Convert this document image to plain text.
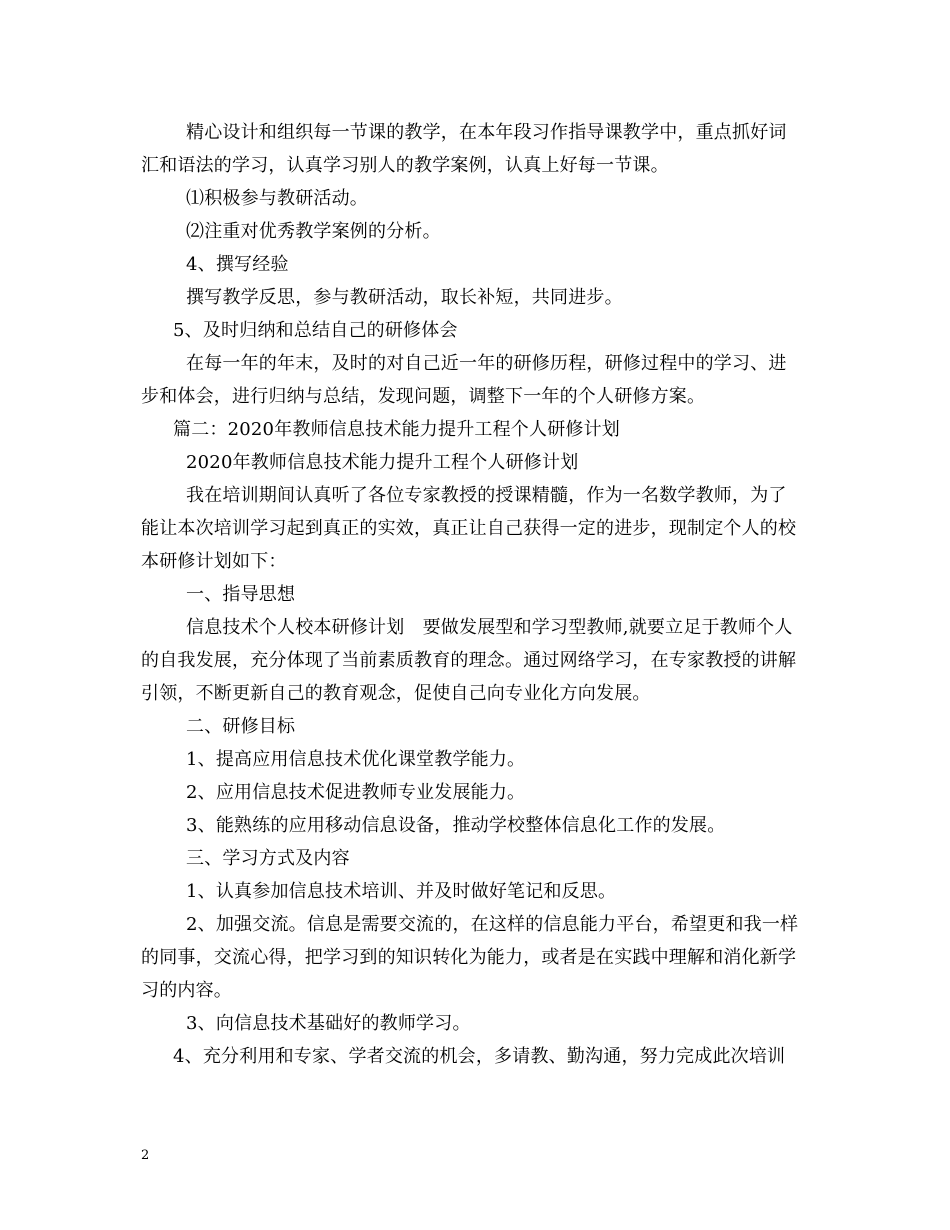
精心设计和组织每一节课的教学，在本年段习作指导课教学中，重点抓好词
汇和语法的学习，认真学习别人的教学案例，认真上好每一节课。
⑴积极参与教研活动。
⑵注重对优秀教学案例的分析。
4、撰写经验
撰写教学反思，参与教研活动，取长补短，共同进步。
5、及时归纳和总结自己的研修体会
在每一年的年末，及时的对自己近一年的研修历程，研修过程中的学习、进
步和体会，进行归纳与总结，发现问题，调整下一年的个人研修方案。
篇二：2020年教师信息技术能力提升工程个人研修计划
2020年教师信息技术能力提升工程个人研修计划
我在培训期间认真听了各位专家教授的授课精髓，作为一名数学教师，为了
能让本次培训学习起到真正的实效，真正让自己获得一定的进步，现制定个人的校
本研修计划如下：
一、指导思想
信息技术个人校本研修计划　要做发展型和学习型教师,就要立足于教师个人
的自我发展，充分体现了当前素质教育的理念。通过网络学习，在专家教授的讲解
引领，不断更新自己的教育观念，促使自己向专业化方向发展。
二、研修目标
1、提高应用信息技术优化课堂教学能力。
2、应用信息技术促进教师专业发展能力。
3、能熟练的应用移动信息设备，推动学校整体信息化工作的发展。
三、学习方式及内容
1、认真参加信息技术培训、并及时做好笔记和反思。
2、加强交流。信息是需要交流的，在这样的信息能力平台，希望更和我一样
的同事，交流心得，把学习到的知识转化为能力，或者是在实践中理解和消化新学
习的内容。
3、向信息技术基础好的教师学习。
4、充分利用和专家、学者交流的机会，多请教、勤沟通，努力完成此次培训
2
